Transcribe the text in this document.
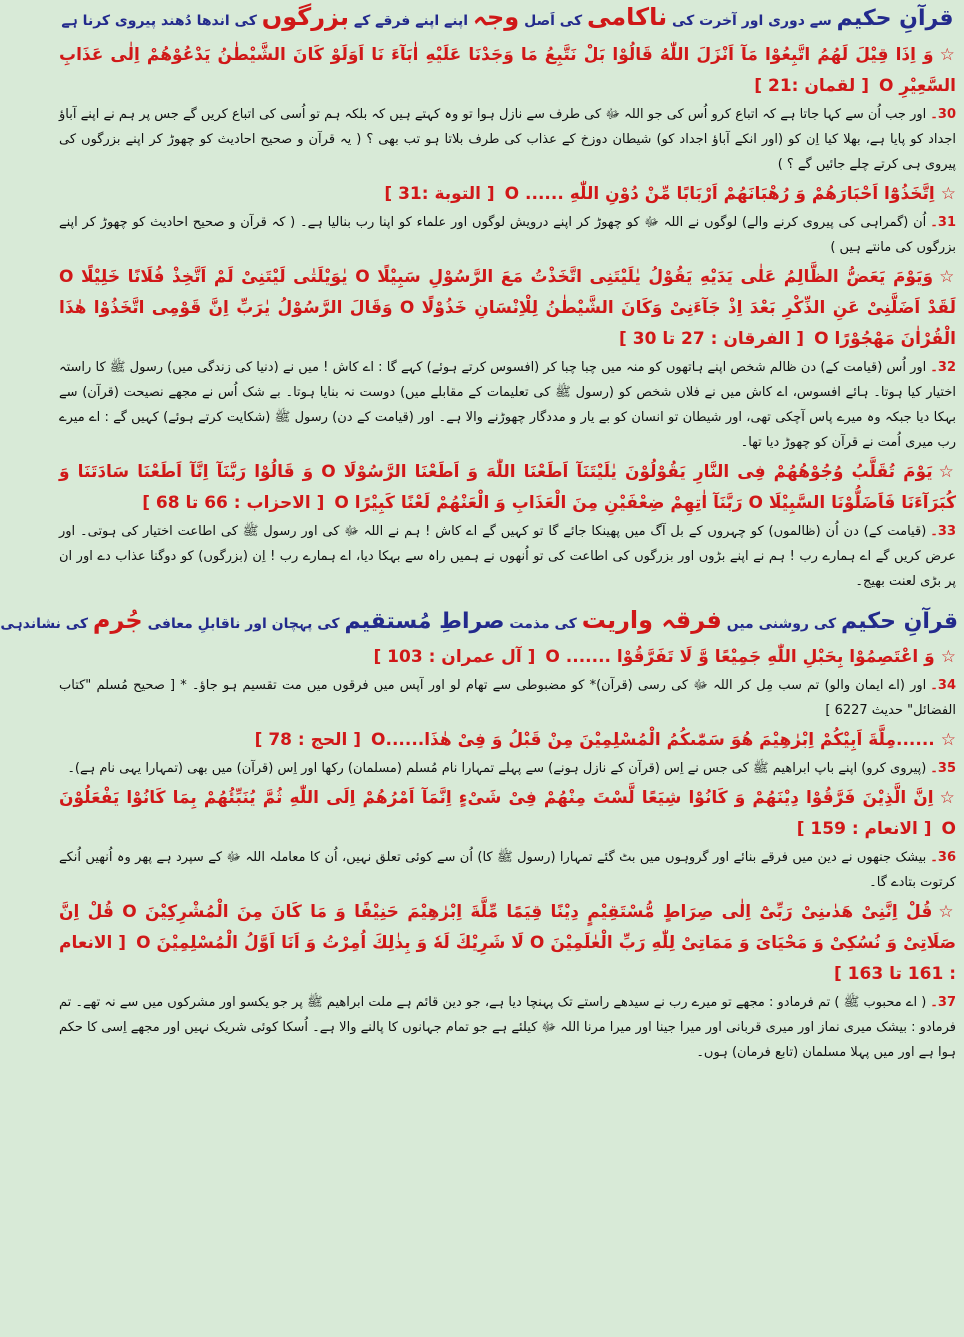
قرآنِ حکیم سے دوری اور آخرت کی ناکامی کی اَصل وجہ اپنے اپنے فرقے کے بزرگوں کی اندھا دُھند پیروی کرنا ہے
☆وَ اِذَا قِيْلَ لَهُمُ اتَّبِعُوْا مَآ اَنْزَلَ اللّٰهُ قَالُوْا بَلْ نَتَّبِعُ مَا وَجَدْنَا عَلَيْهِ اٰبَآءَ نَا اَوَلَوْ كَانَ الشَّيْطٰنُ يَدْعُوْهُمْ اِلٰى عَذَابِ السَّعِيْرِ O[ لقمان :21 ]
30۔اور جب اُن سے کہا جاتا ہے کہ اتباع کرو اُس کی جو اللہ ﷻ کی طرف سے نازل ہوا تو وہ کہتے ہیں کہ بلکہ ہم تو اُسی کی اتباع کریں گے جس پر ہم نے اپنے آباؤ اجداد کو پایا ہے، بھلا کیا اِن کو (اور انکے آباؤ اجداد کو) شیطان دوزخ کے عذاب کی طرف بلاتا ہو تب بھی ؟ ( یہ قرآن و صحیح احادیث کو چھوڑ کر اپنے بزرگوں کی پیروی ہی کرتے چلے جائیں گے ؟ )
☆اِتَّخَذُوْٓا اَحْبَارَهُمْ وَ رُهْبَانَهُمْ اَرْبَابًا مِّنْ دُوْنِ اللّٰهِ ...... O[ التوبة :31 ]
31۔اُن (گمراہی کی پیروی کرنے والے) لوگوں نے اللہ ﷻ کو چھوڑ کر اپنے درویش لوگوں اور علماء کو اپنا رب بنالیا ہے۔ ( کہ قرآن و صحیح احادیث کو چھوڑ کر اپنے بزرگوں کی مانتے ہیں )
☆وَيَوْمَ يَعَضُّ الظَّالِمُ عَلٰى يَدَيْهِ يَقُوْلُ يٰلَيْتَنِى اتَّخَذْتُ مَعَ الرَّسُوْلِ سَبِيْلًا O يٰوَيْلَتٰى لَيْتَنِىْ لَمْ اَتَّخِذْ فُلَانًا خَلِيْلًا O لَقَدْ اَضَلَّنِىْ عَنِ الذِّكْرِ بَعْدَ اِذْ جَآءَنِىْ وَكَانَ الشَّيْطٰنُ لِلْاِنْسَانِ خَذُوْلًا O وَقَالَ الرَّسُوْلُ يٰرَبِّ اِنَّ قَوْمِى اتَّخَذُوْا هٰذَا الْقُرْاٰنَ مَهْجُوْرًا O[ الفرقان : 27 تا 30 ]
32۔اور اُس (قیامت کے) دن ظالم شخص اپنے ہاتھوں کو منہ میں چبا چبا کر (افسوس کرتے ہوئے) کہے گا : اے کاش ! میں نے (دنیا کی زندگی میں) رسول ﷺ کا راستہ اختیار کیا ہوتا۔ ہائے افسوس، اے کاش میں نے فلاں شخص کو (رسول ﷺ کی تعلیمات کے مقابلے میں) دوست نہ بنایا ہوتا۔ بے شک اُس نے مجھے نصیحت (قرآن) سے بہکا دیا جبکہ وہ میرے پاس آچکی تھی، اور شیطان تو انسان کو بے یار و مددگار چھوڑنے والا ہے۔ اور (قیامت کے دن) رسول ﷺ (شکایت کرتے ہوئے) کہیں گے : اے میرے رب میری اُمت نے قرآن کو چھوڑ دیا تھا۔
☆يَوْمَ تُقَلَّبُ وُجُوْهُهُمْ فِى النَّارِ يَقُوْلُوْنَ يٰلَيْتَنَآ اَطَعْنَا اللّٰهَ وَ اَطَعْنَا الرَّسُوْلَا O وَ قَالُوْا رَبَّنَآ اِنَّآ اَطَعْنَا سَادَتَنَا وَ كُبَرَآءَنَا فَاَضَلُّوْنَا السَّبِيْلَا O رَبَّنَآ اٰتِهِمْ ضِعْفَيْنِ مِنَ الْعَذَابِ وَ الْعَنْهُمْ لَعْنًا كَبِيْرًا O[ الاحزاب : 66 تا 68 ]
33۔(قیامت کے) دن اُن (ظالموں) کو چہروں کے بل آگ میں پھینکا جائے گا تو کہیں گے اے کاش ! ہم نے اللہ ﷻ کی اور رسول ﷺ کی اطاعت اختیار کی ہوتی۔ اور عرض کریں گے اے ہمارے رب ! ہم نے اپنے بڑوں اور بزرگوں کی اطاعت کی تو اُنھوں نے ہمیں راہ سے بہکا دیا، اے ہمارے رب ! اِن (بزرگوں) کو دوگنا عذاب دے اور ان پر بڑی لعنت بھیج۔
قرآنِ حکیم کی روشنی میں فرقہ واریت کی مذمت صراطِ مُستقیم کی پہچان اور ناقابلِ معافی جُرم کی نشاندہی
☆وَ اعْتَصِمُوْا بِحَبْلِ اللّٰهِ جَمِيْعًا وَّ لَا تَفَرَّقُوْا ....... O[ آل عمران : 103 ]
34۔اور (اے ایمان والو) تم سب مِل کر اللہ ﷻ کی رسی (قرآن)* کو مضبوطی سے تھام لو اور آپس میں فرقوں میں مت تقسیم ہو جاؤ۔ * [ صحیح مُسلم "کتاب الفضائل" حدیث 6227 ]
☆......مِلَّةَ اَبِيْكُمْ اِبْرٰهِيْمَ هُوَ سَمّٰىكُمُ الْمُسْلِمِيْنَ مِنْ قَبْلُ وَ فِىْ هٰذَا......O[ الحج : 78 ]
35۔(پیروی کرو) اپنے باپ ابراھیم ﷺ کی جس نے اِس (قرآن کے نازل ہونے) سے پہلے تمہارا نام مُسلم (مسلمان) رکھا اور اِس (قرآن) میں بھی (تمہارا یہی نام ہے)۔
☆اِنَّ الَّذِيْنَ فَرَّقُوْا دِيْنَهُمْ وَ كَانُوْا شِيَعًا لَّسْتَ مِنْهُمْ فِىْ شَىْءٍ اِنَّمَآ اَمْرُهُمْ اِلَى اللّٰهِ ثُمَّ يُنَبِّئُهُمْ بِمَا كَانُوْا يَفْعَلُوْنَ O[ الانعام : 159 ]
36۔بیشک جنھوں نے دین میں فرقے بنائے اور گروہوں میں بٹ گئے تمہارا (رسول ﷺ کا) اُن سے کوئی تعلق نہیں، اُن کا معاملہ اللہ ﷻ کے سپرد ہے پھر وہ اُنھیں اُنکے کرتوت بتادے گا۔
☆قُلْ اِنَّنِىْ هَدٰىنِىْ رَبِّىْٓ اِلٰى صِرَاطٍ مُّسْتَقِيْمٍ دِيْنًا قِيَمًا مِّلَّةَ اِبْرٰهِيْمَ حَنِيْفًا وَ مَا كَانَ مِنَ الْمُشْرِكِيْنَ O قُلْ اِنَّ صَلَاتِىْ وَ نُسُكِىْ وَ مَحْيَاىَ وَ مَمَاتِىْ لِلّٰهِ رَبِّ الْعٰلَمِيْنَ O لَا شَرِيْكَ لَهٗ وَ بِذٰلِكَ اُمِرْتُ وَ اَنَا اَوَّلُ الْمُسْلِمِيْنَ O[ الانعام : 161 تا 163 ]
37۔( اے محبوب ﷺ ) تم فرمادو : مجھے تو میرے رب نے سیدھے راستے تک پہنچا دیا ہے، جو دین قائم ہے ملت ابراھیم ﷺ پر جو یکسو اور مشرکوں میں سے نہ تھے۔ تم فرمادو : بیشک میری نماز اور میری قربانی اور میرا جینا اور میرا مرنا اللہ ﷻ کیلئے ہے جو تمام جہانوں کا پالنے والا ہے۔ اُسکا کوئی شریک نہیں اور مجھے اِسی کا حکم ہوا ہے اور میں پہلا مسلمان (تابع فرمان) ہوں۔
